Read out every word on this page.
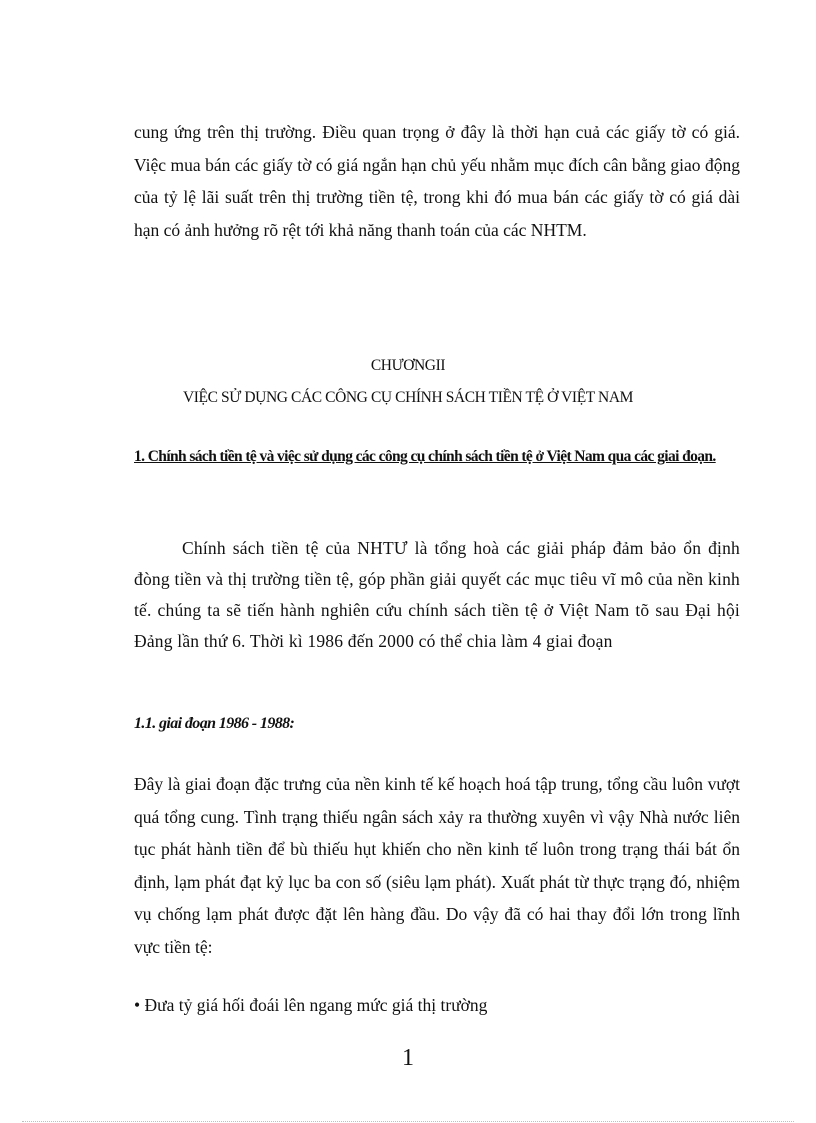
cung ứng trên thị trường. Điều quan trọng ở đây là thời hạn cuả các giấy tờ có giá. Việc mua bán các giấy tờ có giá ngắn hạn chủ yếu nhằm mục đích cân bằng giao động của tỷ lệ lãi suất trên thị trường tiền tệ, trong khi đó mua bán các giấy tờ có giá dài hạn có ảnh hưởng rõ rệt tới khả năng thanh toán của các NHTM.

CHƯƠNGII

VIỆC SỬ DỤNG CÁC CÔNG CỤ CHÍNH SÁCH TIỀN TỆ Ở VIỆT NAM

1. Chính sách tiền tệ và việc sử dụng các công cụ chính sách tiền tệ ở Việt Nam qua các giai đoạn.

Chính sách tiền tệ của NHTƯ là tổng hoà các giải pháp đảm bảo ổn định đòng tiền và thị trường tiền tệ, góp phần giải quyết các mục tiêu vĩ mô của nền kinh tế. chúng ta sẽ tiến hành nghiên cứu chính sách tiền tệ ở Việt Nam tõ sau Đại hội Đảng lần thứ 6. Thời kì 1986 đến 2000 có thể chia làm 4 giai đoạn

1.1. giai đoạn 1986 - 1988:

Đây là giai đoạn đặc trưng của nền kinh tế kế hoạch hoá tập trung, tổng cầu luôn vượt quá tổng cung. Tình trạng thiếu ngân sách xảy ra thường xuyên vì vậy Nhà nước liên tục phát hành tiền để bù thiếu hụt khiến cho nền kinh tế luôn trong trạng thái bát ổn định, lạm phát đạt kỷ lục ba con số (siêu lạm phát). Xuất phát từ thực trạng đó, nhiệm vụ chống lạm phát được đặt lên hàng đầu. Do vậy đã có hai thay đổi lớn trong lĩnh vực tiền tệ:

• Đưa tỷ giá hối đoái lên ngang mức giá thị trường

1
